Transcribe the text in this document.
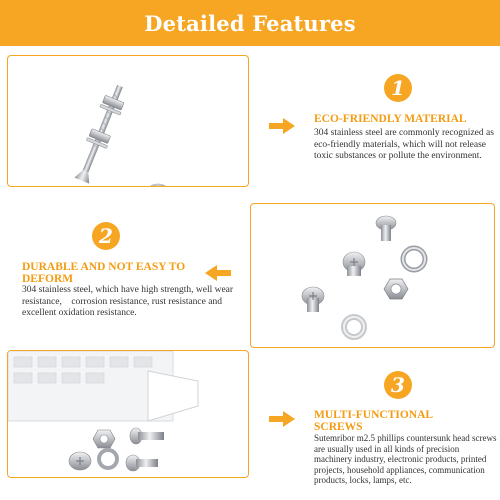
Detailed Features
1
ECO-FRIENDLY MATERIAL
304 stainless steel are commonly recognized as eco-friendly materials, which will not release toxic substances or pollute the environment.
2
DURABLE AND NOT EASY TO DEFORM
304 stainless steel, which have high strength, well wear resistance,　corrosion resistance, rust resistance and excellent oxidation resistance.
3
MULTI-FUNCTIONAL SCREWS
Sutemribor m2.5 phillips countersunk head screws are usually used in all kinds of precision machinery industry, electronic products, printed projects, household appliances, communication products, locks, lamps, etc.
